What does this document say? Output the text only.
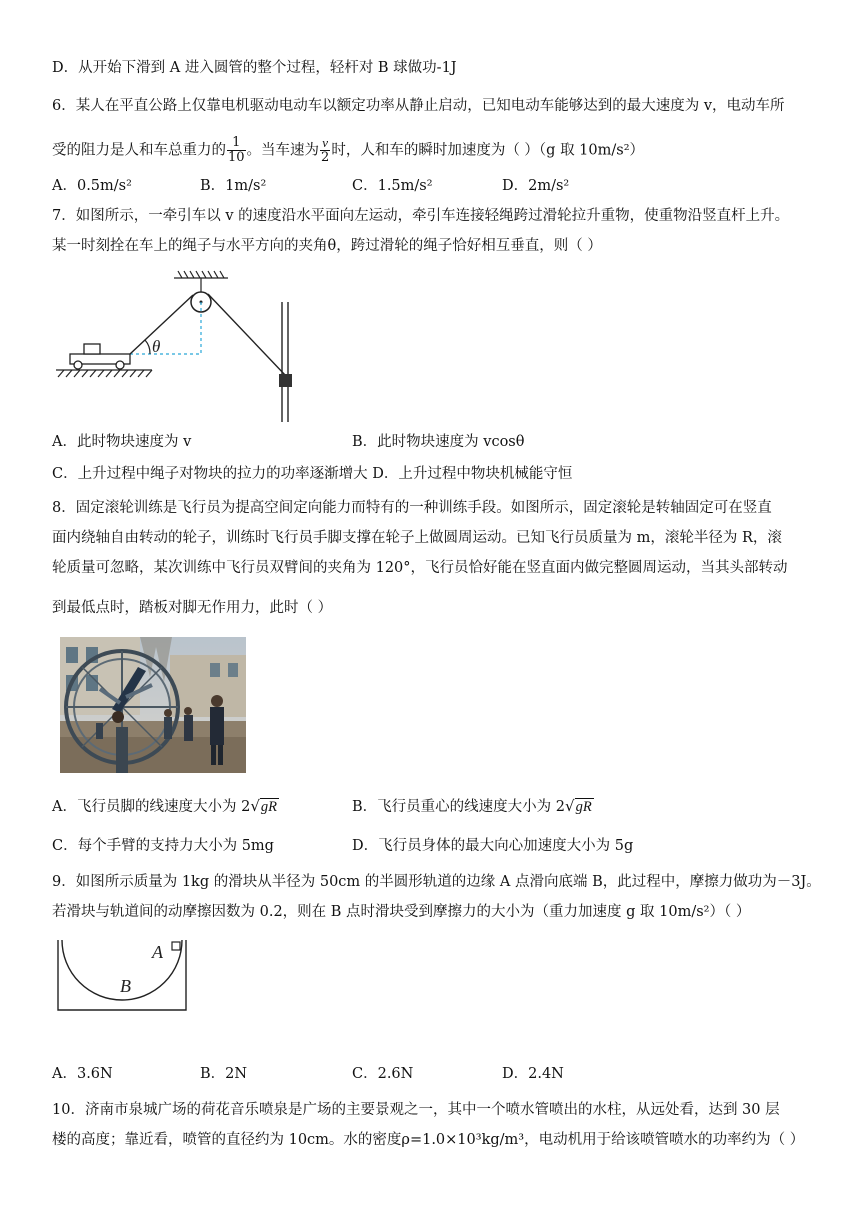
D．从开始下滑到 A 进入圆管的整个过程，轻杆对 B 球做功-1J
6．某人在平直公路上仅靠电机驱动电动车以额定功率从静止启动，已知电动车能够达到的最大速度为 v，电动车所
受的阻力是人和车总重力的 $\frac{1}{10}$ 。当车速为 $\frac{v}{2}$ 时，人和车的瞬时加速度为（ ）（g 取 10m/s²）
A．0.5m/s²	B．1m/s²	C．1.5m/s²	D．2m/s²
7．如图所示，一牵引车以 v 的速度沿水平面向左运动，牵引车连接轻绳跨过滑轮拉升重物，使重物沿竖直杆上升。
某一时刻拴在车上的绳子与水平方向的夹角θ，跨过滑轮的绳子恰好相互垂直，则（ ）
θ
A．此时物块速度为 v	B．此时物块速度为 vcosθ
C．上升过程中绳子对物块的拉力的功率逐渐增大 D．上升过程中物块机械能守恒
8．固定滚轮训练是飞行员为提高空间定向能力而特有的一种训练手段。如图所示，固定滚轮是转轴固定可在竖直
面内绕轴自由转动的轮子，训练时飞行员手脚支撑在轮子上做圆周运动。已知飞行员质量为 m，滚轮半径为 R，滚
轮质量可忽略，某次训练中飞行员双臂间的夹角为 120°，飞行员恰好能在竖直面内做完整圆周运动，当其头部转动
到最低点时，踏板对脚无作用力，此时（ ）
A．飞行员脚的线速度大小为 2√gR	B．飞行员重心的线速度大小为 2√gR
C．每个手臂的支持力大小为 5mg	D．飞行员身体的最大向心加速度大小为 5g
9．如图所示质量为 1kg 的滑块从半径为 50cm 的半圆形轨道的边缘 A 点滑向底端 B，此过程中，摩擦力做功为－3J。
若滑块与轨道间的动摩擦因数为 0.2，则在 B 点时滑块受到摩擦力的大小为（重力加速度 g 取 10m/s²）（ ）
A
B
A．3.6N	B．2N	C．2.6N	D．2.4N
10．济南市泉城广场的荷花音乐喷泉是广场的主要景观之一，其中一个喷水管喷出的水柱，从远处看，达到 30 层
楼的高度；靠近看，喷管的直径约为 10cm。水的密度ρ=1.0×10³kg/m³，电动机用于给该喷管喷水的功率约为（ ）
